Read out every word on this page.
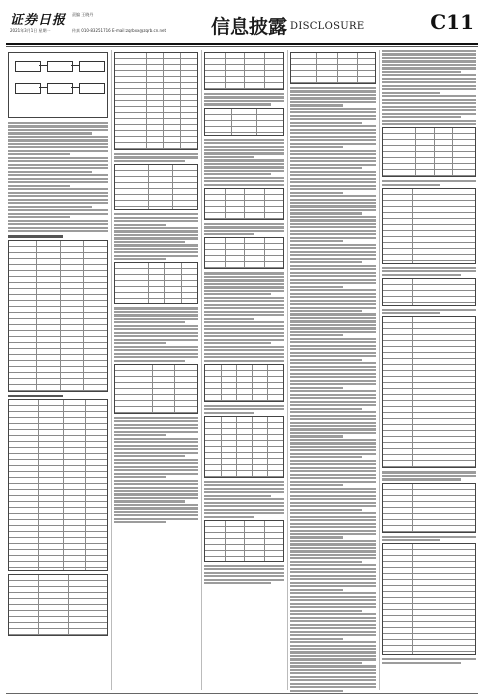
证券日报 责编 王晓丹
2021年3月1日 星期一	传真 010-83251716 E-mail:zqrbxx@zqrb.cn.net 信息披露 DISCLOSURE	C11
